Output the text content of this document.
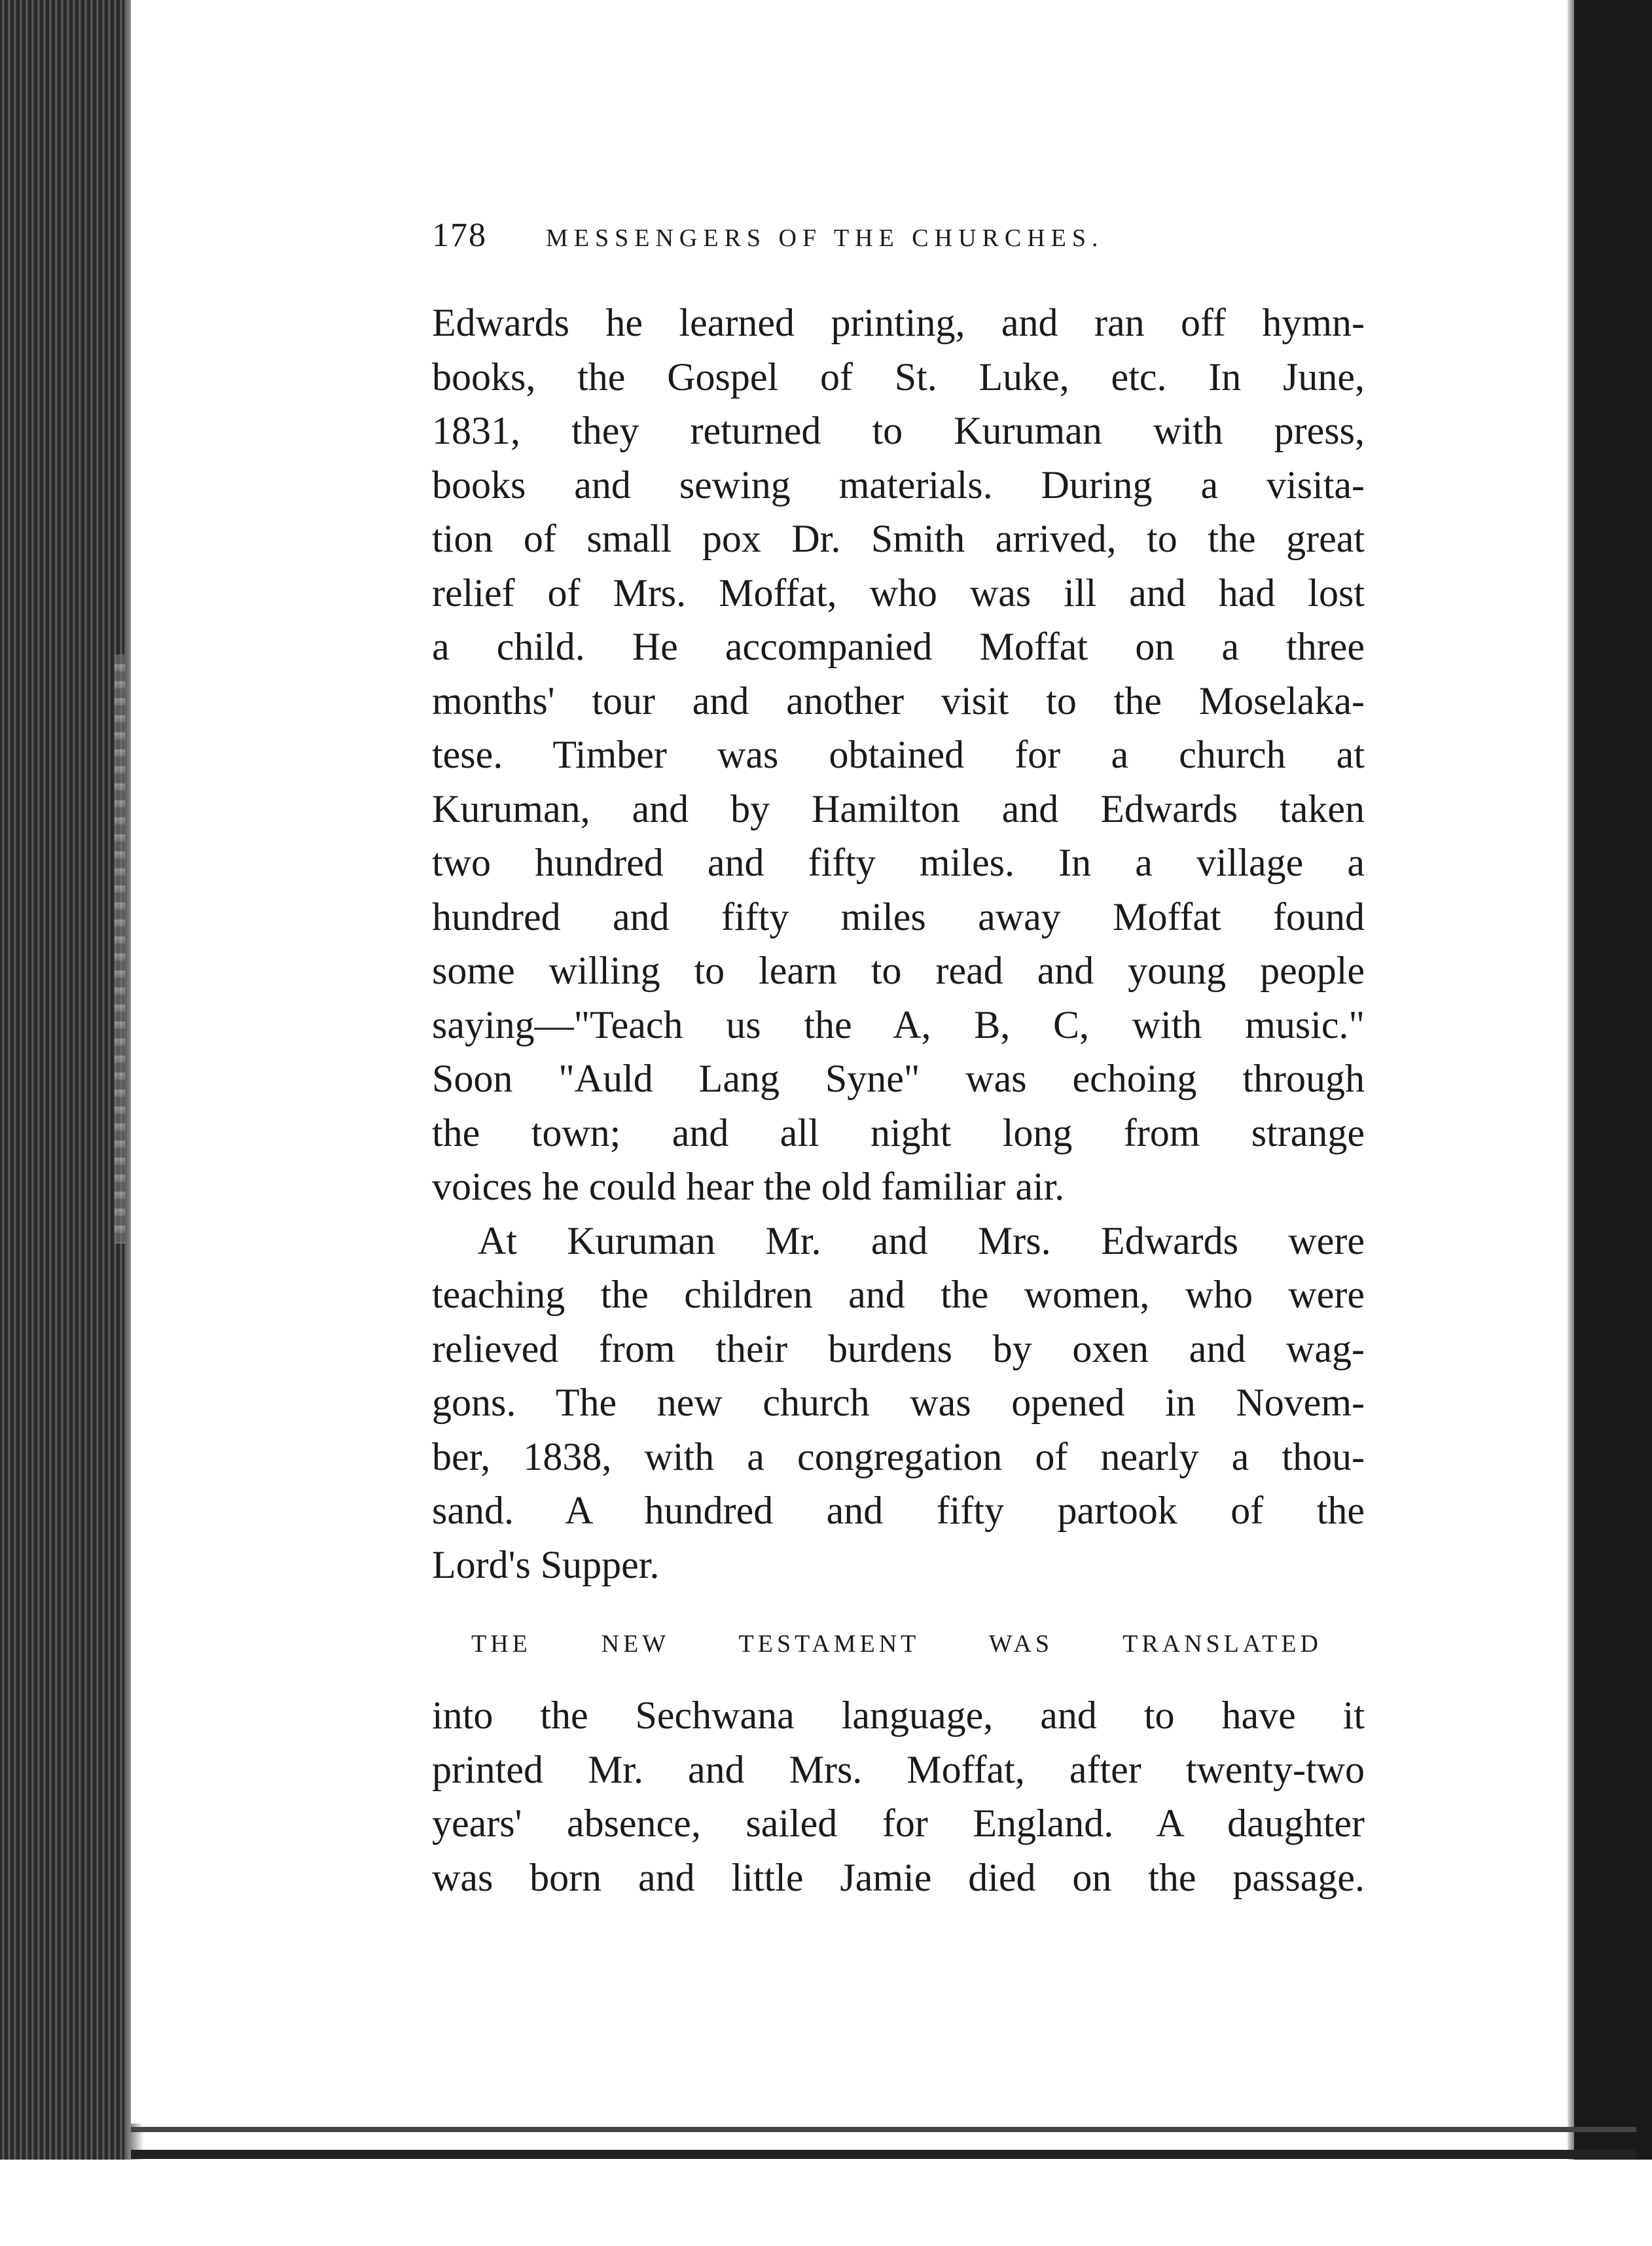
178 MESSENGERS OF THE CHURCHES.
Edwards he learned printing, and ran off hymn-
books, the Gospel of St. Luke, etc. In June,
1831, they returned to Kuruman with press,
books and sewing materials. During a visita-
tion of small pox Dr. Smith arrived, to the great
relief of Mrs. Moffat, who was ill and had lost
a child. He accompanied Moffat on a three
months' tour and another visit to the Moselaka-
tese. Timber was obtained for a church at
Kuruman, and by Hamilton and Edwards taken
two hundred and fifty miles. In a village a
hundred and fifty miles away Moffat found
some willing to learn to read and young people
saying—"Teach us the A, B, C, with music."
Soon "Auld Lang Syne" was echoing through
the town; and all night long from strange
voices he could hear the old familiar air.
At Kuruman Mr. and Mrs. Edwards were
teaching the children and the women, who were
relieved from their burdens by oxen and wag-
gons. The new church was opened in Novem-
ber, 1838, with a congregation of nearly a thou-
sand. A hundred and fifty partook of the
Lord's Supper.
THE NEW TESTAMENT WAS TRANSLATED
into the Sechwana language, and to have it
printed Mr. and Mrs. Moffat, after twenty-two
years' absence, sailed for England. A daughter
was born and little Jamie died on the passage.
